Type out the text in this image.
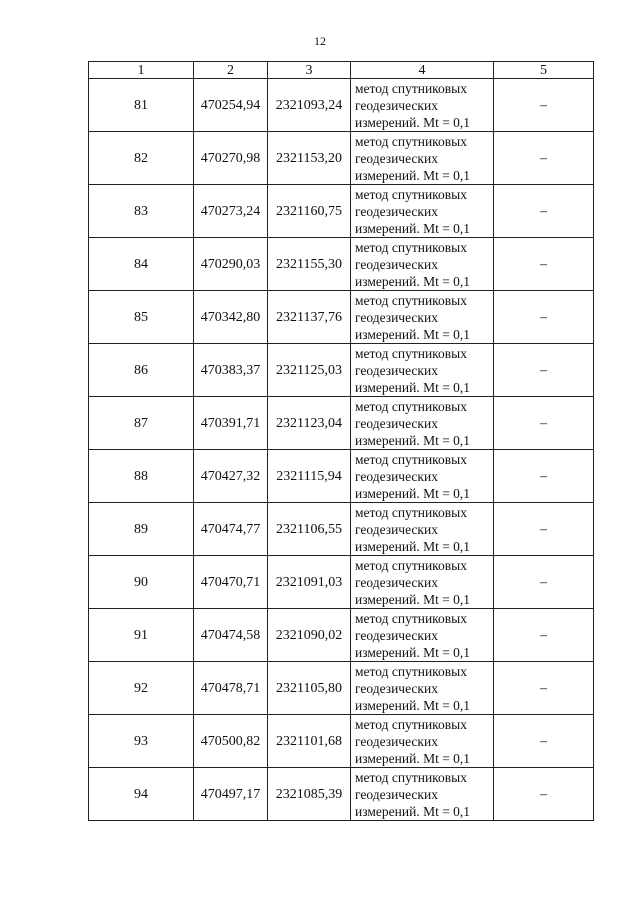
12
1	2	3	4	5
81	470254,94	2321093,24	метод спутниковых
геодезических
измерений. Mt = 0,1	–
82	470270,98	2321153,20	метод спутниковых
геодезических
измерений. Mt = 0,1	–
83	470273,24	2321160,75	метод спутниковых
геодезических
измерений. Mt = 0,1	–
84	470290,03	2321155,30	метод спутниковых
геодезических
измерений. Mt = 0,1	–
85	470342,80	2321137,76	метод спутниковых
геодезических
измерений. Mt = 0,1	–
86	470383,37	2321125,03	метод спутниковых
геодезических
измерений. Mt = 0,1	–
87	470391,71	2321123,04	метод спутниковых
геодезических
измерений. Mt = 0,1	–
88	470427,32	2321115,94	метод спутниковых
геодезических
измерений. Mt = 0,1	–
89	470474,77	2321106,55	метод спутниковых
геодезических
измерений. Mt = 0,1	–
90	470470,71	2321091,03	метод спутниковых
геодезических
измерений. Mt = 0,1	–
91	470474,58	2321090,02	метод спутниковых
геодезических
измерений. Mt = 0,1	–
92	470478,71	2321105,80	метод спутниковых
геодезических
измерений. Mt = 0,1	–
93	470500,82	2321101,68	метод спутниковых
геодезических
измерений. Mt = 0,1	–
94	470497,17	2321085,39	метод спутниковых
геодезических
измерений. Mt = 0,1	–
